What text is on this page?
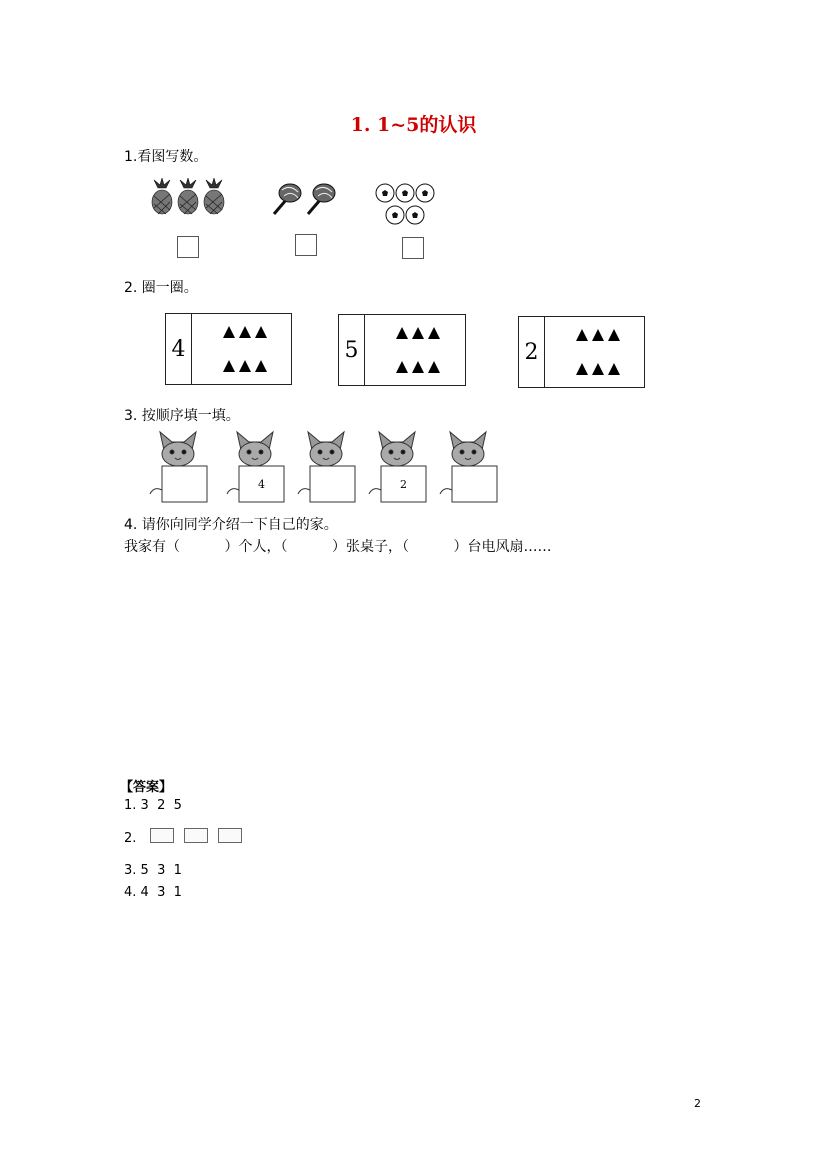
1. 1~5的认识
1.看图写数。
2. 圈一圈。
4	5	2
3. 按顺序填一填。
4	2
4. 请你向同学介绍一下自己的家。
我家有（          ）个人，（          ）张桌子，（          ）台电风扇……
【答案】
1. 3  2  5
2.
3. 5  3  1
4. 4  3  1
2
